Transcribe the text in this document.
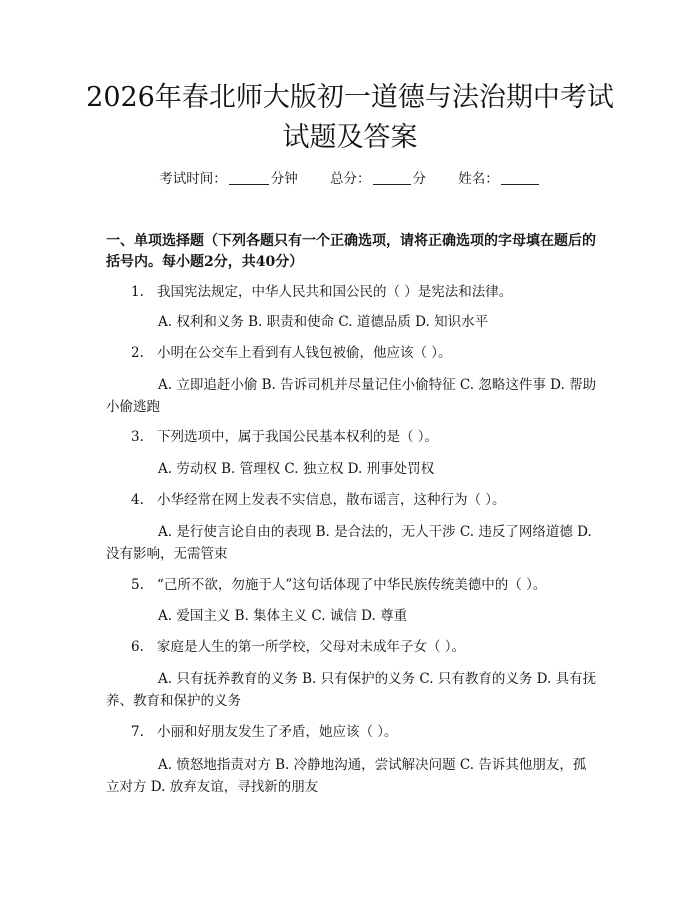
2026年春北师大版初一道德与法治期中考试
试题及答案
考试时间：	分钟 总分：	分 姓名：

一、单项选择题（下列各题只有一个正确选项，请将正确选项的字母填在题后的括号内。每小题2分，共40分）

1. 我国宪法规定，中华人民共和国公民的（ ）是宪法和法律。
A. 权利和义务 B. 职责和使命 C. 道德品质 D. 知识水平
2. 小明在公交车上看到有人钱包被偷，他应该（ ）。
A. 立即追赶小偷 B. 告诉司机并尽量记住小偷特征 C. 忽略这件事 D. 帮助小偷逃跑
3. 下列选项中，属于我国公民基本权利的是（ ）。
A. 劳动权 B. 管理权 C. 独立权 D. 刑事处罚权
4. 小华经常在网上发表不实信息，散布谣言，这种行为（ ）。
A. 是行使言论自由的表现 B. 是合法的，无人干涉 C. 违反了网络道德 D. 没有影响，无需管束
5. “己所不欲，勿施于人”这句话体现了中华民族传统美德中的（ ）。
A. 爱国主义 B. 集体主义 C. 诚信 D. 尊重
6. 家庭是人生的第一所学校，父母对未成年子女（ ）。
A. 只有抚养教育的义务 B. 只有保护的义务 C. 只有教育的义务 D. 具有抚养、教育和保护的义务
7. 小丽和好朋友发生了矛盾，她应该（ ）。
A. 愤怒地指责对方 B. 冷静地沟通，尝试解决问题 C. 告诉其他朋友，孤立对方 D. 放弃友谊，寻找新的朋友
